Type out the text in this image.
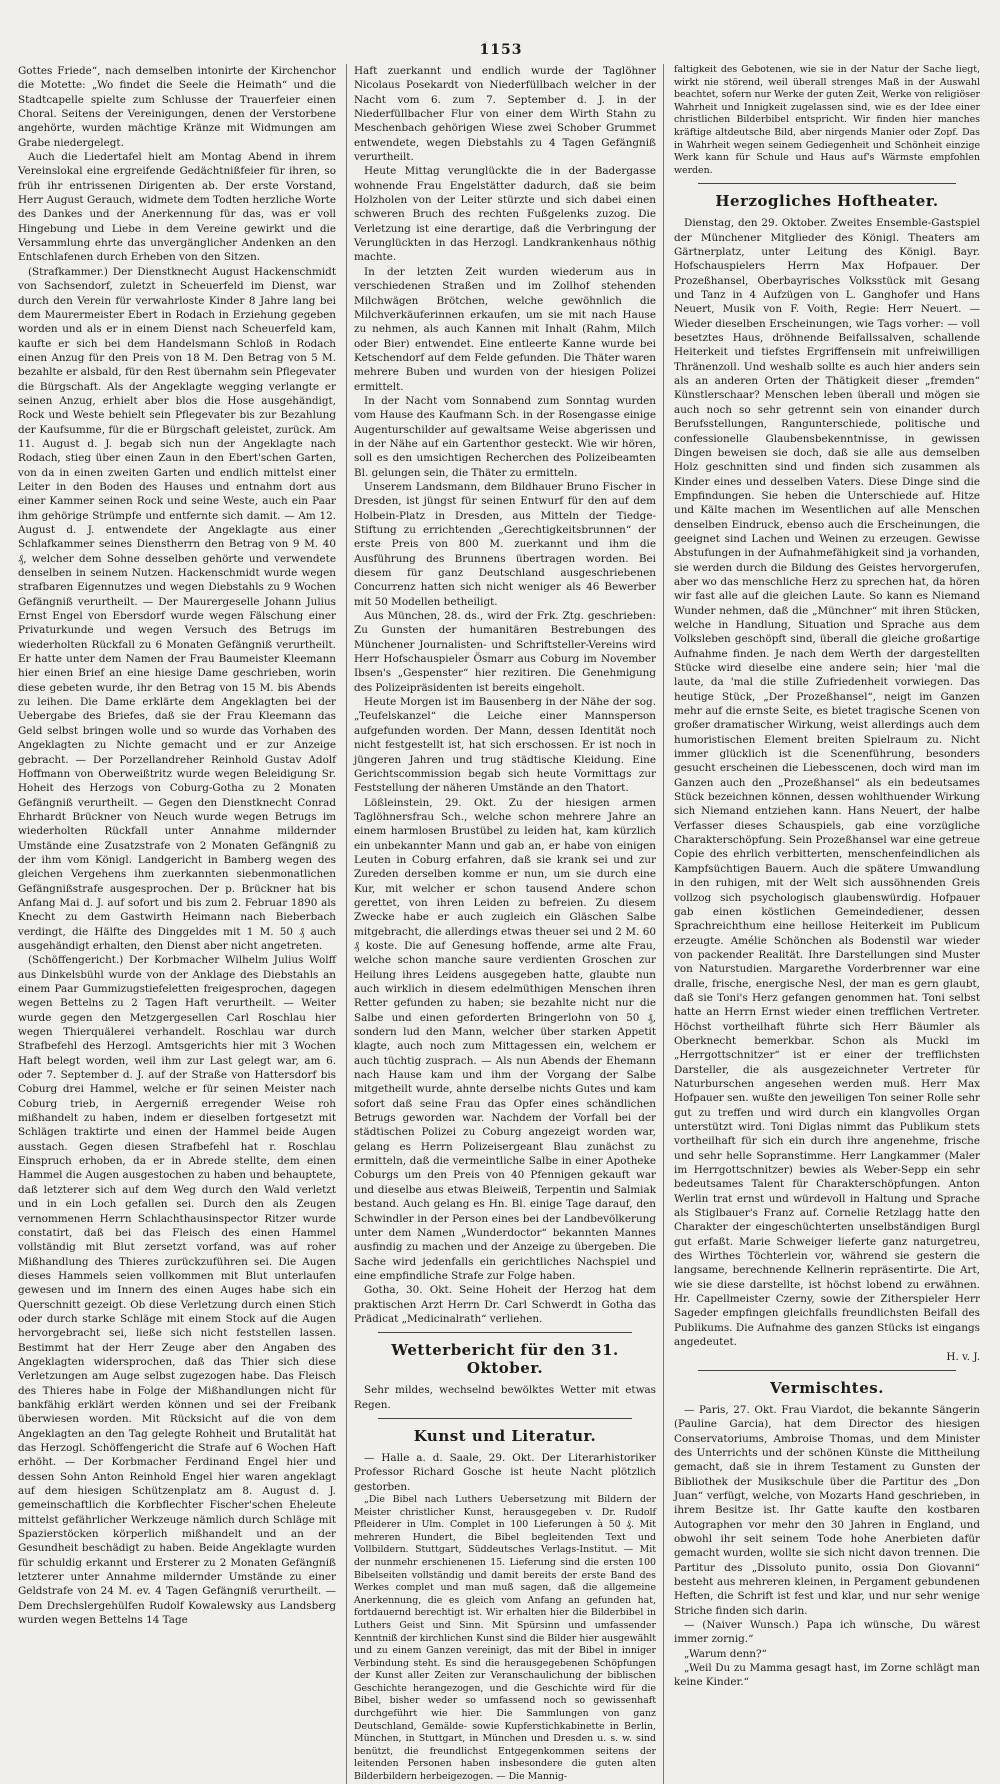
1153

Gottes Friede“, nach demselben intonirte der Kirchenchor die Motette: „Wo findet die Seele die Heimath“ und die Stadtcapelle spielte zum Schlusse der Trauerfeier einen Choral. Seitens der Vereinigungen, denen der Verstorbene angehörte, wurden mächtige Kränze mit Widmungen am Grabe niedergelegt.

Auch die Liedertafel hielt am Montag Abend in ihrem Vereinslokal eine ergreifende Gedächtnißfeier für ihren, so früh ihr entrissenen Dirigenten ab. Der erste Vorstand, Herr August Gerauch, widmete dem Todten herzliche Worte des Dankes und der Anerkennung für das, was er voll Hingebung und Liebe in dem Vereine gewirkt und die Versammlung ehrte das unvergänglicher Andenken an den Entschlafenen durch Erheben von den Sitzen.

(Strafkammer.) Der Dienstknecht August Hackenschmidt von Sachsendorf, zuletzt in Scheuerfeld im Dienst, war durch den Verein für verwahrloste Kinder 8 Jahre lang bei dem Maurermeister Ebert in Rodach in Erziehung gegeben worden und als er in einem Dienst nach Scheuerfeld kam, kaufte er sich bei dem Handelsmann Schloß in Rodach einen Anzug für den Preis von 18 M. Den Betrag von 5 M. bezahlte er alsbald, für den Rest übernahm sein Pflegevater die Bürgschaft. Als der Angeklagte wegging verlangte er seinen Anzug, erhielt aber blos die Hose ausgehändigt, Rock und Weste behielt sein Pflegevater bis zur Bezahlung der Kaufsumme, für die er Bürgschaft geleistet, zurück. Am 11. August d. J. begab sich nun der Angeklagte nach Rodach, stieg über einen Zaun in den Ebert'schen Garten, von da in einen zweiten Garten und endlich mittelst einer Leiter in den Boden des Hauses und entnahm dort aus einer Kammer seinen Rock und seine Weste, auch ein Paar ihm gehörige Strümpfe und entfernte sich damit. — Am 12. August d. J. entwendete der Angeklagte aus einer Schlafkammer seines Dienstherrn den Betrag von 9 M. 40 ₰, welcher dem Sohne desselben gehörte und verwendete denselben in seinem Nutzen. Hackenschmidt wurde wegen strafbaren Eigennutzes und wegen Diebstahls zu 9 Wochen Gefängniß verurtheilt. — Der Maurergeselle Johann Julius Ernst Engel von Ebersdorf wurde wegen Fälschung einer Privaturkunde und wegen Versuch des Betrugs im wiederholten Rückfall zu 6 Monaten Gefängniß verurtheilt. Er hatte unter dem Namen der Frau Baumeister Kleemann hier einen Brief an eine hiesige Dame geschrieben, worin diese gebeten wurde, ihr den Betrag von 15 M. bis Abends zu leihen. Die Dame erklärte dem Angeklagten bei der Uebergabe des Briefes, daß sie der Frau Kleemann das Geld selbst bringen wolle und so wurde das Vorhaben des Angeklagten zu Nichte gemacht und er zur Anzeige gebracht. — Der Porzellandreher Reinhold Gustav Adolf Hoffmann von Oberweißtritz wurde wegen Beleidigung Sr. Hoheit des Herzogs von Coburg-Gotha zu 2 Monaten Gefängniß verurtheilt. — Gegen den Dienstknecht Conrad Ehrhardt Brückner von Neuch wurde wegen Betrugs im wiederholten Rückfall unter Annahme mildernder Umstände eine Zusatzstrafe von 2 Monaten Gefängniß zu der ihm vom Königl. Landgericht in Bamberg wegen des gleichen Vergehens ihm zuerkannten siebenmonatlichen Gefängnißstrafe ausgesprochen. Der p. Brückner hat bis Anfang Mai d. J. auf sofort und bis zum 2. Februar 1890 als Knecht zu dem Gastwirth Heimann nach Bieberbach verdingt, die Hälfte des Dinggeldes mit 1 M. 50 ₰ auch ausgehändigt erhalten, den Dienst aber nicht angetreten.

(Schöffengericht.) Der Korbmacher Wilhelm Julius Wolff aus Dinkelsbühl wurde von der Anklage des Diebstahls an einem Paar Gummizugstiefeletten freigesprochen, dagegen wegen Bettelns zu 2 Tagen Haft verurtheilt. — Weiter wurde gegen den Metzgergesellen Carl Roschlau hier wegen Thierquälerei verhandelt. Roschlau war durch Strafbefehl des Herzogl. Amtsgerichts hier mit 3 Wochen Haft belegt worden, weil ihm zur Last gelegt war, am 6. oder 7. September d. J. auf der Straße von Hattersdorf bis Coburg drei Hammel, welche er für seinen Meister nach Coburg trieb, in Aergerniß erregender Weise roh mißhandelt zu haben, indem er dieselben fortgesetzt mit Schlägen traktirte und einen der Hammel beide Augen ausstach. Gegen diesen Strafbefehl hat r. Roschlau Einspruch erhoben, da er in Abrede stellte, dem einen Hammel die Augen ausgestochen zu haben und behauptete, daß letzterer sich auf dem Weg durch den Wald verletzt und in ein Loch gefallen sei. Durch den als Zeugen vernommenen Herrn Schlachthausinspector Ritzer wurde constatirt, daß bei das Fleisch des einen Hammel vollständig mit Blut zersetzt vorfand, was auf roher Mißhandlung des Thieres zurückzuführen sei. Die Augen dieses Hammels seien vollkommen mit Blut unterlaufen gewesen und im Innern des einen Auges habe sich ein Querschnitt gezeigt. Ob diese Verletzung durch einen Stich oder durch starke Schläge mit einem Stock auf die Augen hervorgebracht sei, ließe sich nicht feststellen lassen. Bestimmt hat der Herr Zeuge aber den Angaben des Angeklagten widersprochen, daß das Thier sich diese Verletzungen am Auge selbst zugezogen habe. Das Fleisch des Thieres habe in Folge der Mißhandlungen nicht für bankfähig erklärt werden können und sei der Freibank überwiesen worden. Mit Rücksicht auf die von dem Angeklagten an den Tag gelegte Rohheit und Brutalität hat das Herzogl. Schöffengericht die Strafe auf 6 Wochen Haft erhöht. — Der Korbmacher Ferdinand Engel hier und dessen Sohn Anton Reinhold Engel hier waren angeklagt auf dem hiesigen Schützenplatz am 8. August d. J. gemeinschaftlich die Korbflechter Fischer'schen Eheleute mittelst gefährlicher Werkzeuge nämlich durch Schläge mit Spazierstöcken körperlich mißhandelt und an der Gesundheit beschädigt zu haben. Beide Angeklagte wurden für schuldig erkannt und Ersterer zu 2 Monaten Gefängniß letzterer unter Annahme mildernder Umstände zu einer Geldstrafe von 24 M. ev. 4 Tagen Gefängniß verurtheilt. — Dem Drechslergehülfen Rudolf Kowalewsky aus Landsberg wurden wegen Bettelns 14 Tage

Haft zuerkannt und endlich wurde der Taglöhner Nicolaus Posekardt von Niederfüllbach welcher in der Nacht vom 6. zum 7. September d. J. in der Niederfüllbacher Flur von einer dem Wirth Stahn zu Meschenbach gehörigen Wiese zwei Schober Grummet entwendete, wegen Diebstahls zu 4 Tagen Gefängniß verurtheilt.

Heute Mittag verunglückte die in der Badergasse wohnende Frau Engelstätter dadurch, daß sie beim Holzholen von der Leiter stürzte und sich dabei einen schweren Bruch des rechten Fußgelenks zuzog. Die Verletzung ist eine derartige, daß die Verbringung der Verunglückten in das Herzogl. Landkrankenhaus nöthig machte.

In der letzten Zeit wurden wiederum aus in verschiedenen Straßen und im Zollhof stehenden Milchwägen Brötchen, welche gewöhnlich die Milchverkäuferinnen erkaufen, um sie mit nach Hause zu nehmen, als auch Kannen mit Inhalt (Rahm, Milch oder Bier) entwendet. Eine entleerte Kanne wurde bei Ketschendorf auf dem Felde gefunden. Die Thäter waren mehrere Buben und wurden von der hiesigen Polizei ermittelt.

In der Nacht vom Sonnabend zum Sonntag wurden vom Hause des Kaufmann Sch. in der Rosengasse einige Augenturschilder auf gewaltsame Weise abgerissen und in der Nähe auf ein Gartenthor gesteckt. Wie wir hören, soll es den umsichtigen Recherchen des Polizeibeamten Bl. gelungen sein, die Thäter zu ermitteln.

Unserem Landsmann, dem Bildhauer Bruno Fischer in Dresden, ist jüngst für seinen Entwurf für den auf dem Holbein-Platz in Dresden, aus Mitteln der Tiedge-Stiftung zu errichtenden „Gerechtigkeitsbrunnen“ der erste Preis von 800 M. zuerkannt und ihm die Ausführung des Brunnens übertragen worden. Bei diesem für ganz Deutschland ausgeschriebenen Concurrenz hatten sich nicht weniger als 46 Bewerber mit 50 Modellen betheiligt.

Aus München, 28. ds., wird der Frk. Ztg. geschrieben: Zu Gunsten der humanitären Bestrebungen des Münchener Journalisten- und Schriftsteller-Vereins wird Herr Hofschauspieler Ösmarr aus Coburg im November Ibsen's „Gespenster“ hier rezitiren. Die Genehmigung des Polizeipräsidenten ist bereits eingeholt.

Heute Morgen ist im Bausenberg in der Nähe der sog. „Teufelskanzel“ die Leiche einer Mannsperson aufgefunden worden. Der Mann, dessen Identität noch nicht festgestellt ist, hat sich erschossen. Er ist noch in jüngeren Jahren und trug städtische Kleidung. Eine Gerichtscommission begab sich heute Vormittags zur Feststellung der näheren Umstände an den Thatort.

Lößleinstein, 29. Okt. Zu der hiesigen armen Taglöhnersfrau Sch., welche schon mehrere Jahre an einem harmlosen Brustübel zu leiden hat, kam kürzlich ein unbekannter Mann und gab an, er habe von einigen Leuten in Coburg erfahren, daß sie krank sei und zur Zureden derselben komme er nun, um sie durch eine Kur, mit welcher er schon tausend Andere schon gerettet, von ihren Leiden zu befreien. Zu diesem Zwecke habe er auch zugleich ein Gläschen Salbe mitgebracht, die allerdings etwas theuer sei und 2 M. 60 ₰ koste. Die auf Genesung hoffende, arme alte Frau, welche schon manche saure verdienten Groschen zur Heilung ihres Leidens ausgegeben hatte, glaubte nun auch wirklich in diesem edelmüthigen Menschen ihren Retter gefunden zu haben; sie bezahlte nicht nur die Salbe und einen geforderten Bringerlohn von 50 ₰, sondern lud den Mann, welcher über starken Appetit klagte, auch noch zum Mittagessen ein, welchem er auch tüchtig zusprach. — Als nun Abends der Ehemann nach Hause kam und ihm der Vorgang der Salbe mitgetheilt wurde, ahnte derselbe nichts Gutes und kam sofort daß seine Frau das Opfer eines schändlichen Betrugs geworden war. Nachdem der Vorfall bei der städtischen Polizei zu Coburg angezeigt worden war, gelang es Herrn Polizeisergeant Blau zunächst zu ermitteln, daß die vermeintliche Salbe in einer Apotheke Coburgs um den Preis von 40 Pfennigen gekauft war und dieselbe aus etwas Bleiweiß, Terpentin und Salmiak bestand. Auch gelang es Hn. Bl. einige Tage darauf, den Schwindler in der Person eines bei der Landbevölkerung unter dem Namen „Wunderdoctor“ bekannten Mannes ausfindig zu machen und der Anzeige zu übergeben. Die Sache wird jedenfalls ein gerichtliches Nachspiel und eine empfindliche Strafe zur Folge haben.

Gotha, 30. Okt. Seine Hoheit der Herzog hat dem praktischen Arzt Herrn Dr. Carl Schwerdt in Gotha das Prädicat „Medicinalrath“ verliehen.

Wetterbericht für den 31. Oktober.

Sehr mildes, wechselnd bewölktes Wetter mit etwas Regen.

Kunst und Literatur.

— Halle a. d. Saale, 29. Okt. Der Literarhistoriker Professor Richard Gosche ist heute Nacht plötzlich gestorben.

„Die Bibel nach Luthers Uebersetzung mit Bildern der Meister christlicher Kunst, herausgegeben v. Dr. Rudolf Pfleiderer in Ulm. Complet in 100 Lieferungen à 50 ₰. Mit mehreren Hundert, die Bibel begleitenden Text und Vollbildern. Stuttgart, Süddeutsches Verlags-Institut. — Mit der nunmehr erschienenen 15. Lieferung sind die ersten 100 Bibelseiten vollständig und damit bereits der erste Band des Werkes complet und man muß sagen, daß die allgemeine Anerkennung, die es gleich vom Anfang an gefunden hat, fortdauernd berechtigt ist. Wir erhalten hier die Bilderbibel in Luthers Geist und Sinn. Mit Spürsinn und umfassender Kenntniß der kirchlichen Kunst sind die Bilder hier ausgewählt und zu einem Ganzen vereinigt, das mit der Bibel in inniger Verbindung steht. Es sind die herausgegebenen Schöpfungen der Kunst aller Zeiten zur Veranschaulichung der biblischen Geschichte herangezogen, und die Geschichte wird für die Bibel, bisher weder so umfassend noch so gewissenhaft durchgeführt wie hier. Die Sammlungen von ganz Deutschland, Gemälde- sowie Kupferstichkabinette in Berlin, München, in Stuttgart, in München und Dresden u. s. w. sind benützt, die freundlichst Entgegenkommen seitens der leitenden Personen haben insbesondere die guten alten Bilderbildern herbeigezogen. — Die Mannig-

faltigkeit des Gebotenen, wie sie in der Natur der Sache liegt, wirkt nie störend, weil überall strenges Maß in der Auswahl beachtet, sofern nur Werke der guten Zeit, Werke von religiöser Wahrheit und Innigkeit zugelassen sind, wie es der Idee einer christlichen Bilderbibel entspricht. Wir finden hier manches kräftige altdeutsche Bild, aber nirgends Manier oder Zopf. Das in Wahrheit wegen seinem Gediegenheit und Schönheit einzige Werk kann für Schule und Haus auf's Wärmste empfohlen werden.

Herzogliches Hoftheater.

Dienstag, den 29. Oktober. Zweites Ensemble-Gastspiel der Münchener Mitglieder des Königl. Theaters am Gärtnerplatz, unter Leitung des Königl. Bayr. Hofschauspielers Herrn Max Hofpauer. Der Prozeßhansel, Oberbayrisches Volksstück mit Gesang und Tanz in 4 Aufzügen von L. Ganghofer und Hans Neuert, Musik von F. Voith, Regie: Herr Neuert. — Wieder dieselben Erscheinungen, wie Tags vorher: — voll besetztes Haus, dröhnende Beifallssalven, schallende Heiterkeit und tiefstes Ergriffensein mit unfreiwilligen Thränenzoll. Und weshalb sollte es auch hier anders sein als an anderen Orten der Thätigkeit dieser „fremden“ Künstlerschaar? Menschen leben überall und mögen sie auch noch so sehr getrennt sein von einander durch Berufsstellungen, Rangunterschiede, politische und confessionelle Glaubensbekenntnisse, in gewissen Dingen beweisen sie doch, daß sie alle aus demselben Holz geschnitten sind und finden sich zusammen als Kinder eines und desselben Vaters. Diese Dinge sind die Empfindungen. Sie heben die Unterschiede auf. Hitze und Kälte machen im Wesentlichen auf alle Menschen denselben Eindruck, ebenso auch die Erscheinungen, die geeignet sind Lachen und Weinen zu erzeugen. Gewisse Abstufungen in der Aufnahmefähigkeit sind ja vorhanden, sie werden durch die Bildung des Geistes hervorgerufen, aber wo das menschliche Herz zu sprechen hat, da hören wir fast alle auf die gleichen Laute. So kann es Niemand Wunder nehmen, daß die „Münchner“ mit ihren Stücken, welche in Handlung, Situation und Sprache aus dem Volksleben geschöpft sind, überall die gleiche großartige Aufnahme finden. Je nach dem Werth der dargestellten Stücke wird dieselbe eine andere sein; hier 'mal die laute, da 'mal die stille Zufriedenheit vorwiegen. Das heutige Stück, „Der Prozeßhansel“, neigt im Ganzen mehr auf die ernste Seite, es bietet tragische Scenen von großer dramatischer Wirkung, weist allerdings auch dem humoristischen Element breiten Spielraum zu. Nicht immer glücklich ist die Scenenführung, besonders gesucht erscheinen die Liebesscenen, doch wird man im Ganzen auch den „Prozeßhansel“ als ein bedeutsames Stück bezeichnen können, dessen wohlthuender Wirkung sich Niemand entziehen kann. Hans Neuert, der halbe Verfasser dieses Schauspiels, gab eine vorzügliche Charakterschöpfung. Sein Prozeßhansel war eine getreue Copie des ehrlich verbitterten, menschenfeindlichen als Kampfsüchtigen Bauern. Auch die spätere Umwandlung in den ruhigen, mit der Welt sich aussöhnenden Greis vollzog sich psychologisch glaubenswürdig. Hofpauer gab einen köstlichen Gemeindediener, dessen Sprachreichthum eine heillose Heiterkeit im Publicum erzeugte. Amélie Schönchen als Bodenstil war wieder von packender Realität. Ihre Darstellungen sind Muster von Naturstudien. Margarethe Vorderbrenner war eine dralle, frische, energische Nesl, der man es gern glaubt, daß sie Toni's Herz gefangen genommen hat. Toni selbst hatte an Herrn Ernst wieder einen trefflichen Vertreter. Höchst vortheilhaft führte sich Herr Bäumler als Oberknecht bemerkbar. Schon als Muckl im „Herrgottschnitzer“ ist er einer der trefflichsten Darsteller, die als ausgezeichneter Vertreter für Naturburschen angesehen werden muß. Herr Max Hofpauer sen. wußte den jeweiligen Ton seiner Rolle sehr gut zu treffen und wird durch ein klangvolles Organ unterstützt wird. Toni Diglas nimmt das Publikum stets vortheilhaft für sich ein durch ihre angenehme, frische und sehr helle Sopranstimme. Herr Langkammer (Maler im Herrgottschnitzer) bewies als Weber-Sepp ein sehr bedeutsames Talent für Charakterschöpfungen. Anton Werlin trat ernst und würdevoll in Haltung und Sprache als Stiglbauer's Franz auf. Cornelie Retzlagg hatte den Charakter der eingeschüchterten unselbständigen Burgl gut erfaßt. Marie Schweiger lieferte ganz naturgetreu, des Wirthes Töchterlein vor, während sie gestern die langsame, berechnende Kellnerin repräsentirte. Die Art, wie sie diese darstellte, ist höchst lobend zu erwähnen. Hr. Capellmeister Czerny, sowie der Zitherspieler Herr Sageder empfingen gleichfalls freundlichsten Beifall des Publikums. Die Aufnahme des ganzen Stücks ist eingangs angedeutet.

H. v. J.
Vermischtes.

— Paris, 27. Okt. Frau Viardot, die bekannte Sängerin (Pauline Garcia), hat dem Director des hiesigen Conservatoriums, Ambroise Thomas, und dem Minister des Unterrichts und der schönen Künste die Mittheilung gemacht, daß sie in ihrem Testament zu Gunsten der Bibliothek der Musikschule über die Partitur des „Don Juan“ verfügt, welche, von Mozarts Hand geschrieben, in ihrem Besitze ist. Ihr Gatte kaufte den kostbaren Autographen vor mehr den 30 Jahren in England, und obwohl ihr seit seinem Tode hohe Anerbieten dafür gemacht wurden, wollte sie sich nicht davon trennen. Die Partitur des „Dissoluto punito, ossia Don Giovanni“ besteht aus mehreren kleinen, in Pergament gebundenen Heften, die Schrift ist fest und klar, und nur sehr wenige Striche finden sich darin.

— (Naiver Wunsch.) Papa ich wünsche, Du wärest immer zornig.“

„Warum denn?“

„Weil Du zu Mamma gesagt hast, im Zorne schlägt man keine Kinder.“
